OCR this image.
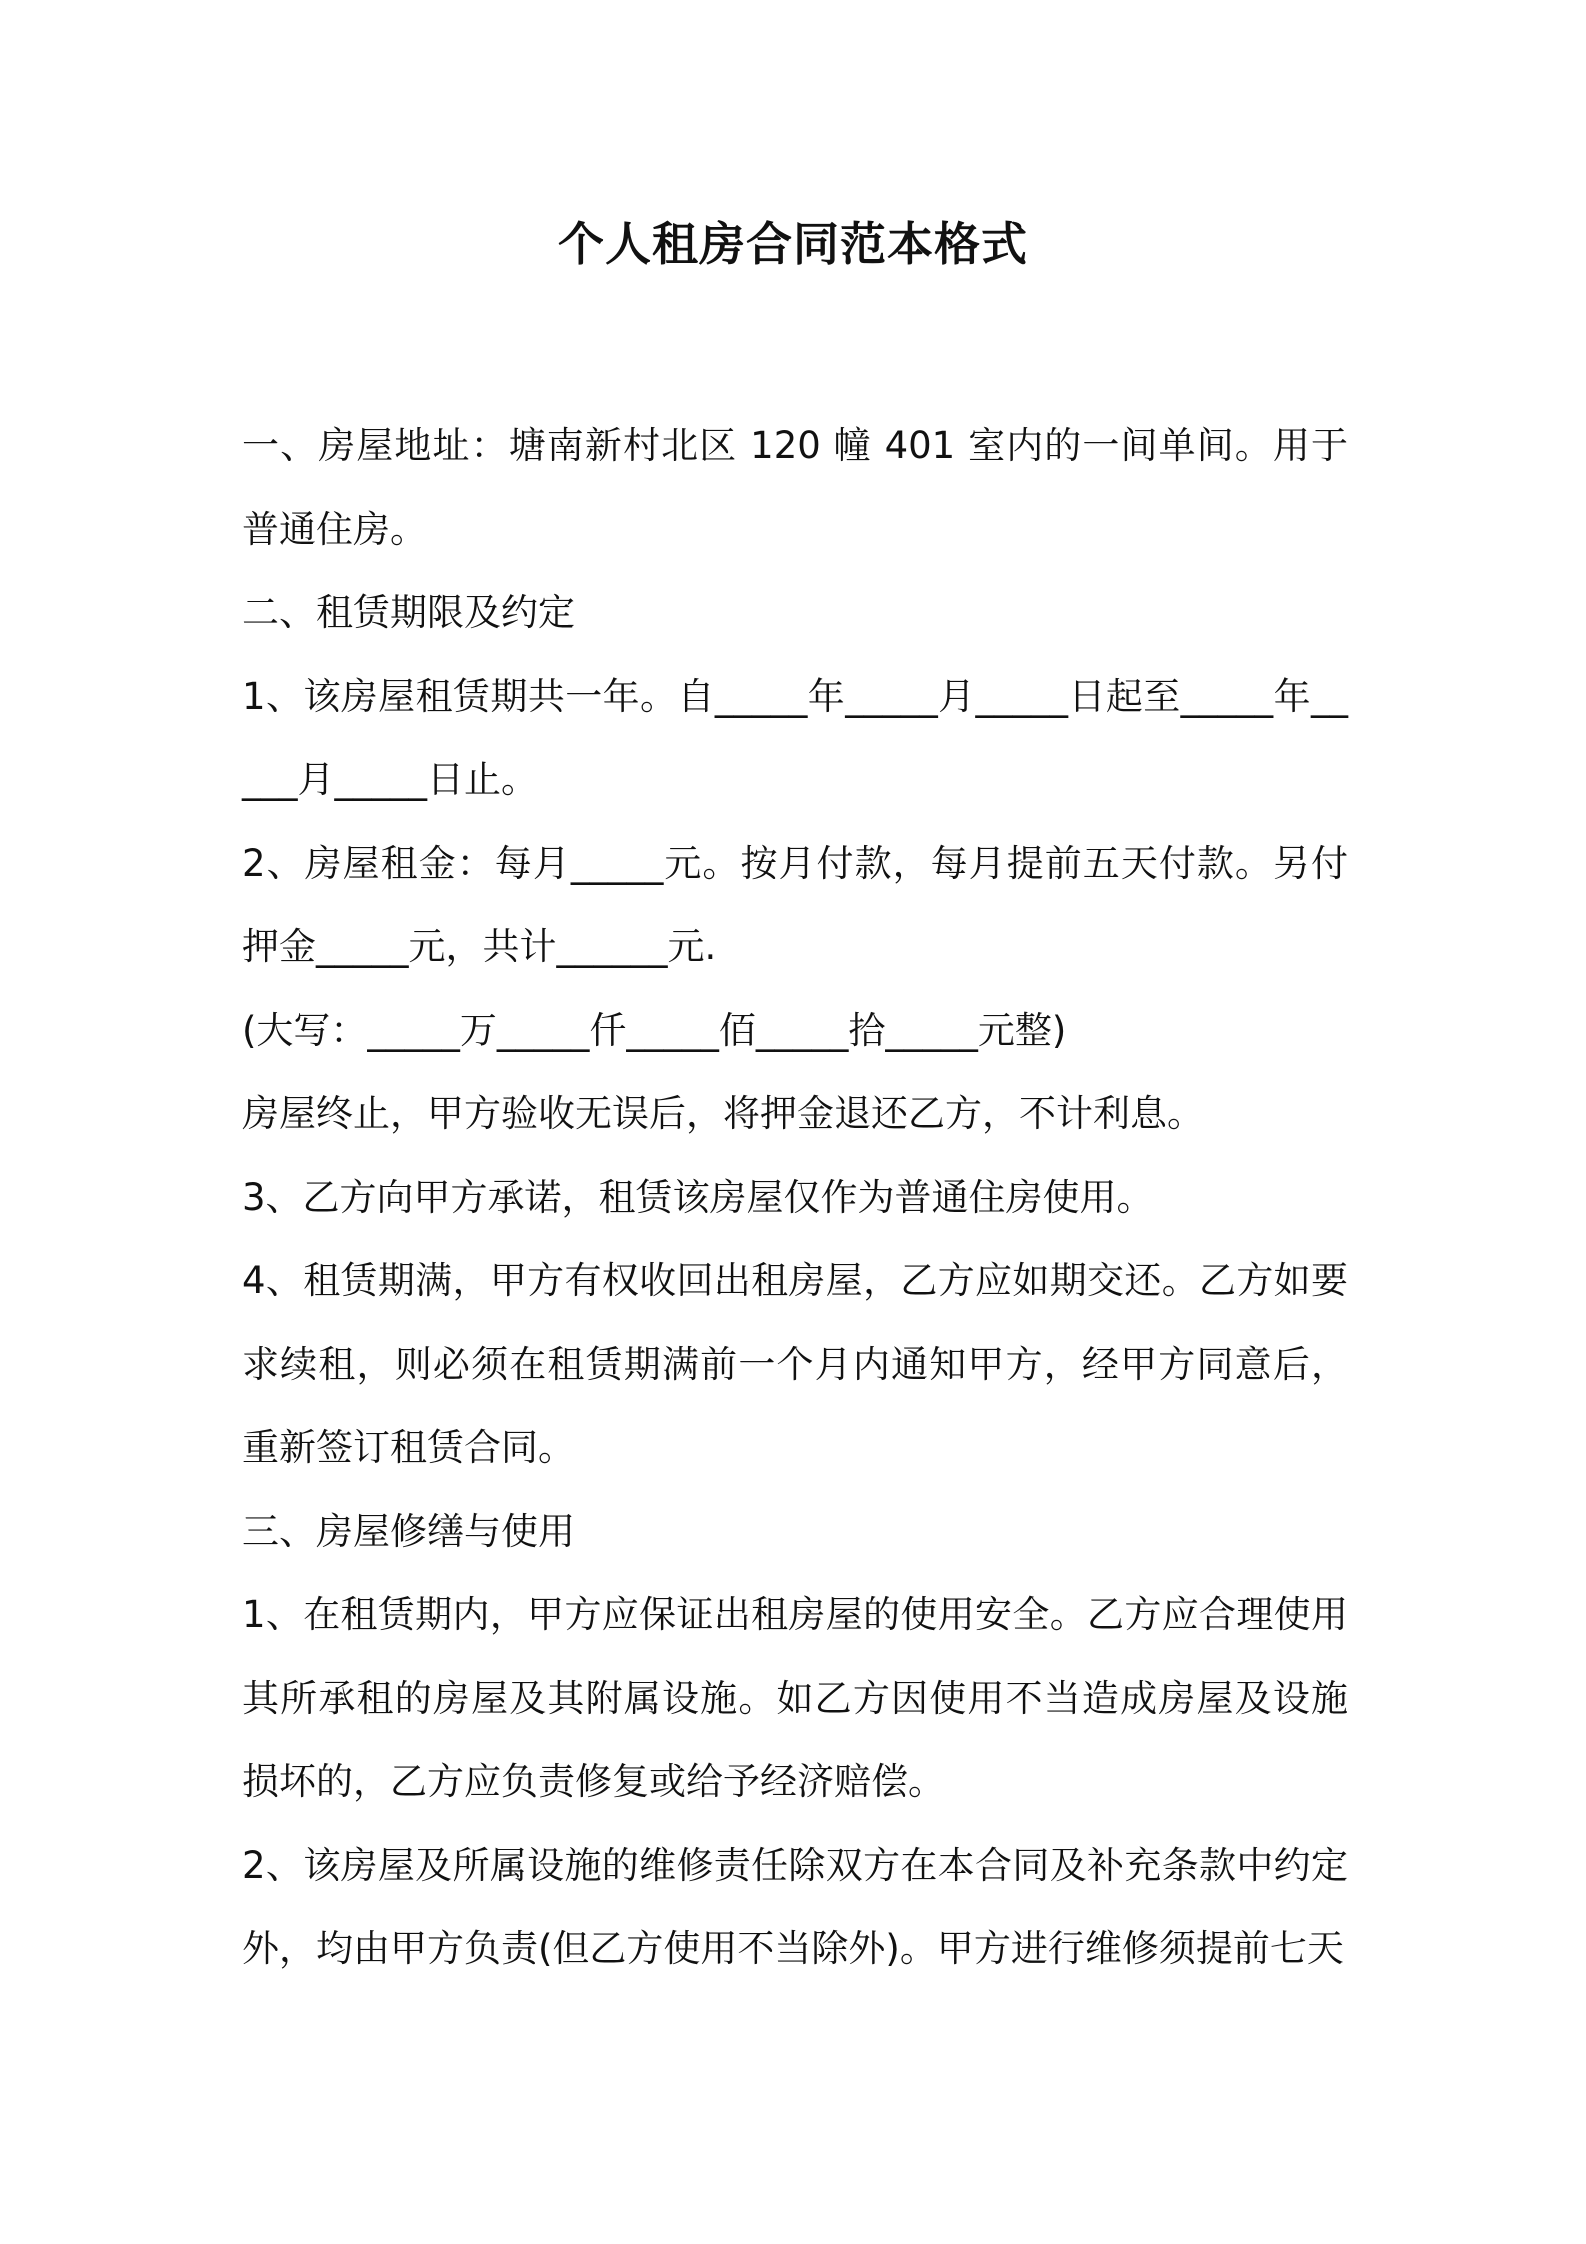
个人租房合同范本格式

一、房屋地址：塘南新村北区 120 幢 401 室内的一间单间。用于普通住房。

二、租赁期限及约定

1、该房屋租赁期共一年。自_____年_____月_____日起至_____年_____月_____日止。

2、房屋租金：每月_____元。按月付款，每月提前五天付款。另付押金_____元，共计______元.

(大写：_____万_____仟_____佰_____拾_____元整)

房屋终止，甲方验收无误后，将押金退还乙方，不计利息。

3、乙方向甲方承诺，租赁该房屋仅作为普通住房使用。

4、租赁期满，甲方有权收回出租房屋，乙方应如期交还。乙方如要求续租，则必须在租赁期满前一个月内通知甲方，经甲方同意后，重新签订租赁合同。

三、房屋修缮与使用

1、在租赁期内，甲方应保证出租房屋的使用安全。乙方应合理使用其所承租的房屋及其附属设施。如乙方因使用不当造成房屋及设施损坏的，乙方应负责修复或给予经济赔偿。

2、该房屋及所属设施的维修责任除双方在本合同及补充条款中约定外，均由甲方负责(但乙方使用不当除外)。甲方进行维修须提前七天
